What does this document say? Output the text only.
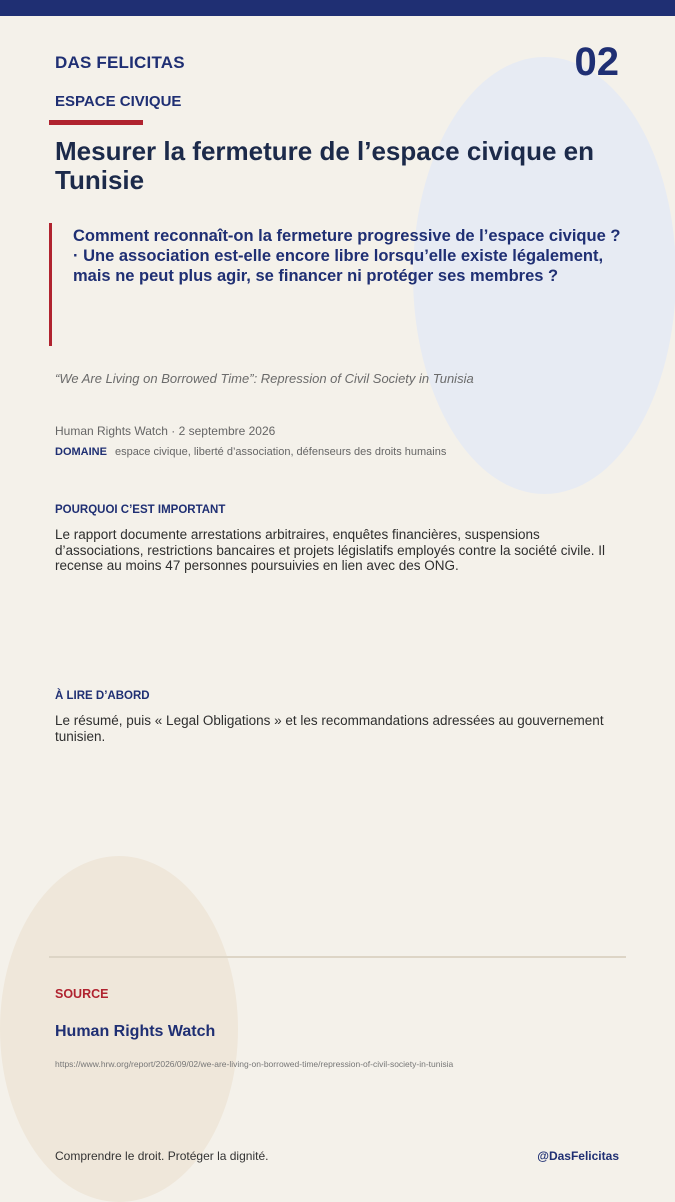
DAS FELICITAS	02
ESPACE CIVIQUE
Mesurer la fermeture de l’espace civique en Tunisie

Comment reconnaît-on la fermeture progressive de l’espace civique ? · Une association est-elle encore libre lorsqu’elle existe légalement, mais ne peut plus agir, se financer ni protéger ses membres ?

“We Are Living on Borrowed Time”: Repression of Civil Society in Tunisia
Human Rights Watch · 2 septembre 2026
DOMAINE espace civique, liberté d’association, défenseurs des droits humains
POURQUOI C’EST IMPORTANT

Le rapport documente arrestations arbitraires, enquêtes financières, suspensions d’associations, restrictions bancaires et projets législatifs employés contre la société civile. Il recense au moins 47 personnes poursuivies en lien avec des ONG.

À LIRE D’ABORD

Le résumé, puis « Legal Obligations » et les recommandations adressées au gouvernement tunisien.

SOURCE
Human Rights Watch
https://www.hrw.org/report/2026/09/02/we-are-living-on-borrowed-time/repression-of-civil-society-in-tunisia
Comprendre le droit. Protéger la dignité.	@DasFelicitas
